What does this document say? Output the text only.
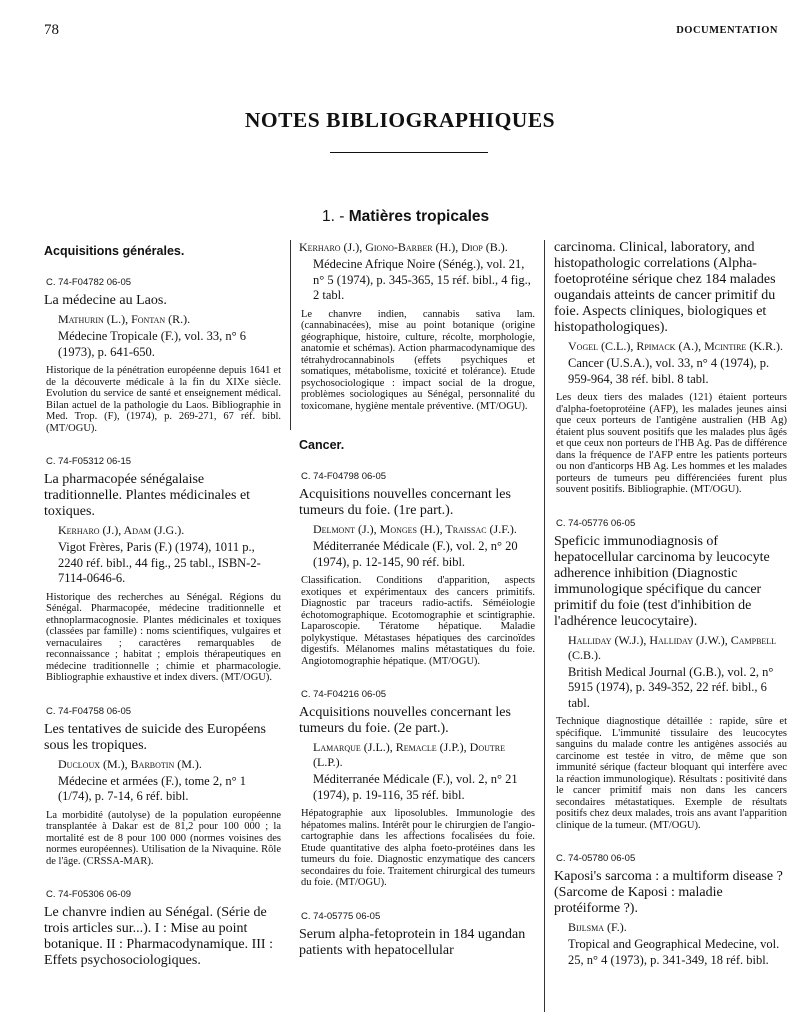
78	DOCUMENTATION
NOTES BIBLIOGRAPHIQUES
1. - Matières tropicales
Acquisitions générales.
C. 74-F04782 06-05
La médecine au Laos.
Mathurin (L.), Fontan (R.).
Médecine Tropicale (F.), vol. 33, n° 6 (1973), p. 641-650.
Historique de la pénétration européenne depuis 1641 et de la découverte médicale à la fin du XIXe siècle. Evolution du service de santé et enseignement médical. Bilan actuel de la pathologie du Laos. Bibliographie in Med. Trop. (F), (1974), p. 269-271, 67 réf. bibl. (MT/OGU).
C. 74-F05312 06-15
La pharmacopée sénégalaise traditionnelle. Plantes médicinales et toxiques.
Kerharo (J.), Adam (J.G.).
Vigot Frères, Paris (F.) (1974), 1011 p., 2240 réf. bibl., 44 fig., 25 tabl., ISBN-2-7114-0646-6.
Historique des recherches au Sénégal. Régions du Sénégal. Pharmacopée, médecine traditionnelle et ethnoplarmacognosie. Plantes médicinales et toxiques (classées par famille) : noms scientifiques, vulgaires et vernaculaires ; caractères remarquables de reconnaissance ; habitat ; emplois thérapeutiques en médecine traditionnelle ; chimie et pharmacologie. Bibliographie exhaustive et index divers. (MT/OGU).
C. 74-F04758 06-05
Les tentatives de suicide des Européens sous les tropiques.
Ducloux (M.), Barbotin (M.).
Médecine et armées (F.), tome 2, n° 1 (1/74), p. 7-14, 6 réf. bibl.
La morbidité (autolyse) de la population européenne transplantée à Dakar est de 81,2 pour 100 000 ; la mortalité est de 8 pour 100 000 (normes voisines des normes européennes). Utilisation de la Nivaquine. Rôle de l'âge. (CRSSA-MAR).
C. 74-F05306 06-09
Le chanvre indien au Sénégal. (Série de trois articles sur...). I : Mise au point botanique. II : Pharmacodynamique. III : Effets psychosociologiques.
Kerharo (J.), Giono-Barber (H.), Diop (B.).
Médecine Afrique Noire (Sénég.), vol. 21, n° 5 (1974), p. 345-365, 15 réf. bibl., 4 fig., 2 tabl.
Le chanvre indien, cannabis sativa lam. (cannabinacées), mise au point botanique (origine géographique, histoire, culture, récolte, morphologie, anatomie et schémas). Action pharmacodynamique des tétrahydrocannabinols (effets psychiques et somatiques, métabolisme, toxicité et tolérance). Etude psychosociologique : impact social de la drogue, problèmes sociologiques au Sénégal, personnalité du toxicomane, hygiène mentale préventive. (MT/OGU).
Cancer.
C. 74-F04798 06-05
Acquisitions nouvelles concernant les tumeurs du foie. (1re part.).
Delmont (J.), Monges (H.), Traissac (J.F.).
Méditerranée Médicale (F.), vol. 2, n° 20 (1974), p. 12-145, 90 réf. bibl.
Classification. Conditions d'apparition, aspects exotiques et expérimentaux des cancers primitifs. Diagnostic par traceurs radio-actifs. Séméiologie échotomographique. Ecotomographie et scintigraphie. Laparoscopie. Tératome hépatique. Maladie polykystique. Métastases hépatiques des carcinoïdes digestifs. Mélanomes malins métastatiques du foie. Angiotomographie hépatique. (MT/OGU).
C. 74-F04216 06-05
Acquisitions nouvelles concernant les tumeurs du foie. (2e part.).
Lamarque (J.L.), Remacle (J.P.), Doutre (L.P.).
Méditerranée Médicale (F.), vol. 2, n° 21 (1974), p. 19-116, 35 réf. bibl.
Hépatographie aux liposolubles. Immunologie des hépatomes malins. Intérêt pour le chirurgien de l'angio-cartographie dans les affections focalisées du foie. Etude quantitative des alpha foeto-protéines dans les tumeurs du foie. Diagnostic enzymatique des cancers secondaires du foie. Traitement chirurgical des tumeurs du foie. (MT/OGU).
C. 74-05775 06-05
Serum alpha-fetoprotein in 184 ugandan patients with hepatocellular
carcinoma. Clinical, laboratory, and histopathologic correlations (Alpha-foetoprotéine sérique chez 184 malades ougandais atteints de cancer primitif du foie. Aspects cliniques, biologiques et histopathologiques).
Vogel (C.L.), Rpimack (A.), Mcintire (K.R.).
Cancer (U.S.A.), vol. 33, n° 4 (1974), p. 959-964, 38 réf. bibl. 8 tabl.
Les deux tiers des malades (121) étaient porteurs d'alpha-foetoprotéine (AFP), les malades jeunes ainsi que ceux porteurs de l'antigène australien (HB Ag) étaient plus souvent positifs que les malades plus âgés et que ceux non porteurs de l'HB Ag. Pas de différence dans la fréquence de l'AFP entre les patients porteurs ou non d'anticorps HB Ag. Les hommes et les malades porteurs de tumeurs peu différenciées furent plus souvent positifs. Bibliographie. (MT/OGU).
C. 74-05776 06-05
Speficic immunodiagnosis of hepatocellular carcinoma by leucocyte adherence inhibition (Diagnostic immunologique spécifique du cancer primitif du foie (test d'inhibition de l'adhérence leucocytaire).
Halliday (W.J.), Halliday (J.W.), Campbell (C.B.).
British Medical Journal (G.B.), vol. 2, n° 5915 (1974), p. 349-352, 22 réf. bibl., 6 tabl.
Technique diagnostique détaillée : rapide, sûre et spécifique. L'immunité tissulaire des leucocytes sanguins du malade contre les antigènes associés au carcinome est testée in vitro, de même que son immunité sérique (facteur bloquant qui interfère avec la réaction immunologique). Résultats : positivité dans le cancer primitif mais non dans les cancers secondaires métastatiques. Exemple de résultats positifs chez deux malades, trois ans avant l'apparition clinique de la tumeur. (MT/OGU).
C. 74-05780 06-05
Kaposi's sarcoma : a multiform disease ? (Sarcome de Kaposi : maladie protéiforme ?).
Bijlsma (F.).
Tropical and Geographical Medecine, vol. 25, n° 4 (1973), p. 341-349, 18 réf. bibl.
